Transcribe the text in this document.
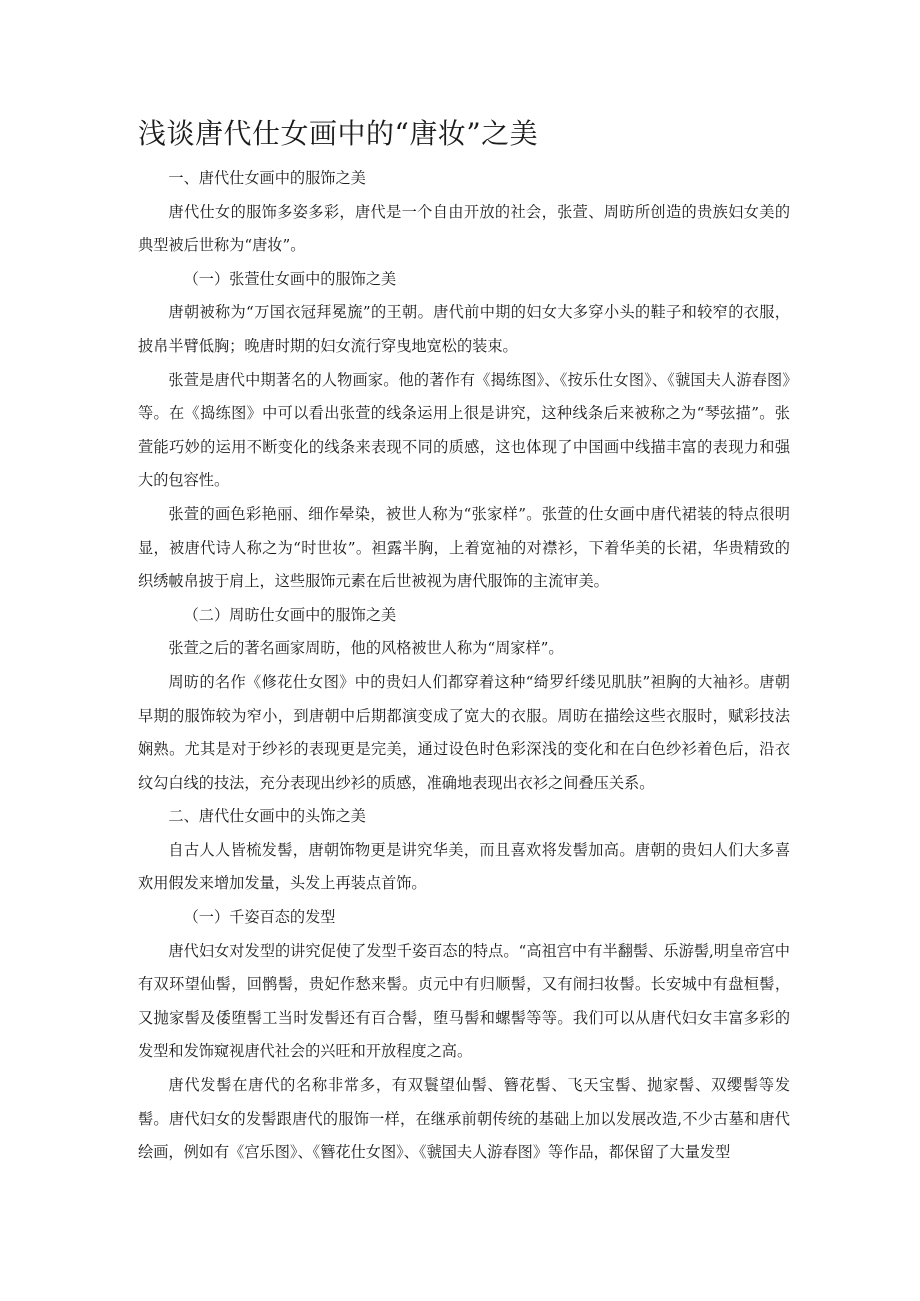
浅谈唐代仕女画中的“唐妆”之美

一、唐代仕女画中的服饰之美

唐代仕女的服饰多姿多彩，唐代是一个自由开放的社会，张萱、周昉所创造的贵族妇女美的典型被后世称为“唐妆”。

（一）张萱仕女画中的服饰之美

唐朝被称为“万国衣冠拜冕旒”的王朝。唐代前中期的妇女大多穿小头的鞋子和较窄的衣服，披帛半臂低胸；晚唐时期的妇女流行穿曳地宽松的装束。

张萱是唐代中期著名的人物画家。他的著作有《揭练图》、《按乐仕女图》、《虢国夫人游春图》等。在《捣练图》中可以看出张萱的线条运用上很是讲究，这种线条后来被称之为“琴弦描”。张萱能巧妙的运用不断变化的线条来表现不同的质感，这也体现了中国画中线描丰富的表现力和强大的包容性。

张萱的画色彩艳丽、细作晕染，被世人称为“张家样”。张萱的仕女画中唐代裙装的特点很明显，被唐代诗人称之为“时世妆”。袒露半胸，上着宽袖的对襟衫，下着华美的长裙，华贵精致的织绣帔帛披于肩上，这些服饰元素在后世被视为唐代服饰的主流审美。

（二）周昉仕女画中的服饰之美

张萱之后的著名画家周昉，他的风格被世人称为“周家样”。

周昉的名作《修花仕女图》中的贵妇人们都穿着这种“绮罗纤缕见肌肤”袒胸的大袖衫。唐朝早期的服饰较为窄小，到唐朝中后期都演变成了宽大的衣服。周昉在描绘这些衣服时，赋彩技法娴熟。尤其是对于纱衫的表现更是完美，通过设色时色彩深浅的变化和在白色纱衫着色后，沿衣纹勾白线的技法，充分表现出纱衫的质感，准确地表现出衣衫之间叠压关系。

二、唐代仕女画中的头饰之美

自古人人皆梳发髻，唐朝饰物更是讲究华美，而且喜欢将发髻加高。唐朝的贵妇人们大多喜欢用假发来增加发量，头发上再装点首饰。

（一）千姿百态的发型

唐代妇女对发型的讲究促使了发型千姿百态的特点。“高祖宫中有半翻髻、乐游髻,明皇帝宫中有双环望仙髻，回鹘髻，贵妃作愁来髻。贞元中有归顺髻，又有闹扫妆髻。长安城中有盘桓髻，又抛家髻及倭堕髻工当时发髻还有百合髻，堕马髻和螺髻等等。我们可以从唐代妇女丰富多彩的发型和发饰窥视唐代社会的兴旺和开放程度之高。

唐代发髻在唐代的名称非常多，有双鬟望仙髻、簪花髻、飞天宝髻、抛家髻、双缨髻等发髻。唐代妇女的发髻跟唐代的服饰一样，在继承前朝传统的基础上加以发展改造,不少古墓和唐代绘画，例如有《宫乐图》、《簪花仕女图》、《虢国夫人游春图》等作品，都保留了大量发型
